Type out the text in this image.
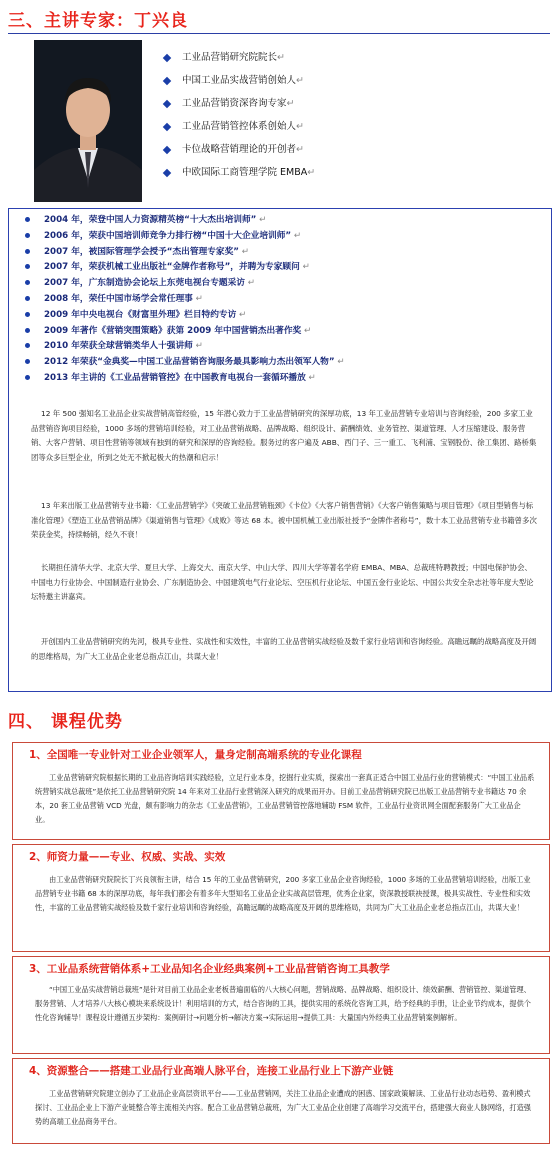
三、主讲专家：丁兴良
工业品营销研究院院长↵
中国工业品实战营销创始人↵
工业品营销资深咨询专家↵
工业品营销管控体系创始人↵
卡位战略营销理论的开创者↵
中欧国际工商管理学院 EMBA↵
2004 年，荣登中国人力资源精英榜“十大杰出培训师” ↵
2006 年，荣获中国培训师竞争力排行榜“中国十大企业培训师” ↵
2007 年，被国际管理学会授予“杰出管理专家奖” ↵
2007 年，荣获机械工业出版社“金牌作者称号”，并聘为专家顾问 ↵
2007 年，广东制造协会论坛上东莞电视台专题采访 ↵
2008 年，荣任中国市场学会常任理事 ↵
2009 年中央电视台《财富里外理》栏目特约专访 ↵
2009 年著作《营销突围策略》获第 2009 年中国营销杰出著作奖 ↵
2010 年荣获全球营销类华人十强讲师 ↵
2012 年荣获“金典奖—中国工业品营销咨询服务最具影响力杰出领军人物” ↵
2013 年主讲的《工业品营销管控》在中国教育电视台一套循环播放 ↵
12 年 500 强知名工业品企业实战营销高管经验，15 年潜心致力于工业品营销研究的深厚功底，13 年工业品营销专业培训与咨询经验，200 多家工业品营销咨询项目经验，1000 多场的营销培训经验，对工业品营销战略、品牌战略、组织设计、薪酬绩效、业务管控、渠道管理、人才压缩建设、服务营销、大客户营销、项目性营销等领域有独到的研究和深厚的咨询经验。服务过的客户遍及 ABB、西门子、三一重工、飞利浦、宝钢股份、徐工集团、路桥集团等众多巨型企业，所到之处无不掀起极大的热潮和启示！
13 年来出版工业品营销专业书籍：《工业品营销学》《突破工业品营销瓶颈》《卡位》《大客户销售营销》《大客户销售策略与项目管理》《项目型销售与标准化管理》《塑造工业品营销品牌》《渠道销售与管理》《成败》等达 68 本。被中国机械工业出版社授予“金牌作者称号”，数十本工业品营销专业书籍曾多次荣获金奖，持续畅销，经久不衰！
长期担任清华大学、北京大学、夏旦大学、上海交大、南京大学、中山大学、四川大学等著名学府 EMBA、MBA、总裁班特聘教授；中国电保护协会、中国电力行业协会、中国制造行业协会、广东制造协会、中国建筑电气行业论坛、空压机行业论坛、中国五金行业论坛、中国公共安全杂志社等年度大型论坛特邀主讲嘉宾。
开创国内工业品营销研究的先河，极具专业性、实战性和实效性，丰富的工业品营销实战经验及数千家行业培训和咨询经验。高瞻远瞩的战略高度及开阔的思维格局，为广大工业品企业老总指点江山，共谋大业！
四、 课程优势
1、全国唯一专业针对工业企业领军人，量身定制高端系统的专业化课程

工业品营销研究院根据长期的工业品咨询培训实践经验，立足行业本身，挖掘行业实质，探索出一套真正适合中国工业品行业的营销模式：“中国工业品系统营销实战总裁班”是依托工业品营销研究院 14 年来对工业品行业营销深入研究的成果而开办。目前工业品营销研究院已出版工业品营销专业书籍达 70 余本，20 套工业品营销 VCD 光盘，颇有影响力的杂志《工业品营销》，工业品营销管控落地辅助 FSM 软件，工业品行业资讯网全面配套服务广大工业品企业。

2、师资力量——专业、权威、实战、实效

由工业品营销研究院院长丁兴良领衔主讲，结合 15 年的工业品营销研究，200 多家工业品企业咨询经验，1000 多场的工业品营销培训经验，出版工业品营销专业书籍 68 本的深厚功底，每年我们都会有着多年大型知名工业品企业实战高层管理，优秀企业家，资深教授联袂授课，极具实战性、专业性和实效性，丰富的工业品营销实战经验及数千家行业培训和咨询经验，高瞻远瞩的战略高度及开阔的思维格局，共同为广大工业品企业老总指点江山，共谋大业！

3、工业品系统营销体系+工业品知名企业经典案例+工业品营销咨询工具教学

“中国工业品实战营销总裁班”是针对目前工业品企业老板普遍面临的八大核心问题，营销战略、品牌战略、组织设计、绩效薪酬、营销管控、渠道管理、服务营销、人才培养八大核心模块来系统设计！利用培训的方式，结合咨询的工具，提供实用的系统化咨询工具，给予经典的手册，让企业节约成本，提供个性化咨询辅导！课程设计遵循五步架构：案例研讨→问题分析→解决方案→实际运用→提供工具：大量国内外经典工业品营销案例解析。

4、资源整合——搭建工业品行业高端人脉平台，连接工业品行业上下游产业链

工业品营销研究院建立创办了工业品企业高层资讯平台——工业品营销网，关注工业品企业遭成的困惑、国家政策解读、工业品行业动态趋势、盈利模式探讨、工业品企业上下游产业链整合等主流相关内容。配合工业品营销总裁班，为广大工业品企业创建了高端学习交流平台，搭建强大商业人脉网络，打造强势的高端工业品商务平台。
